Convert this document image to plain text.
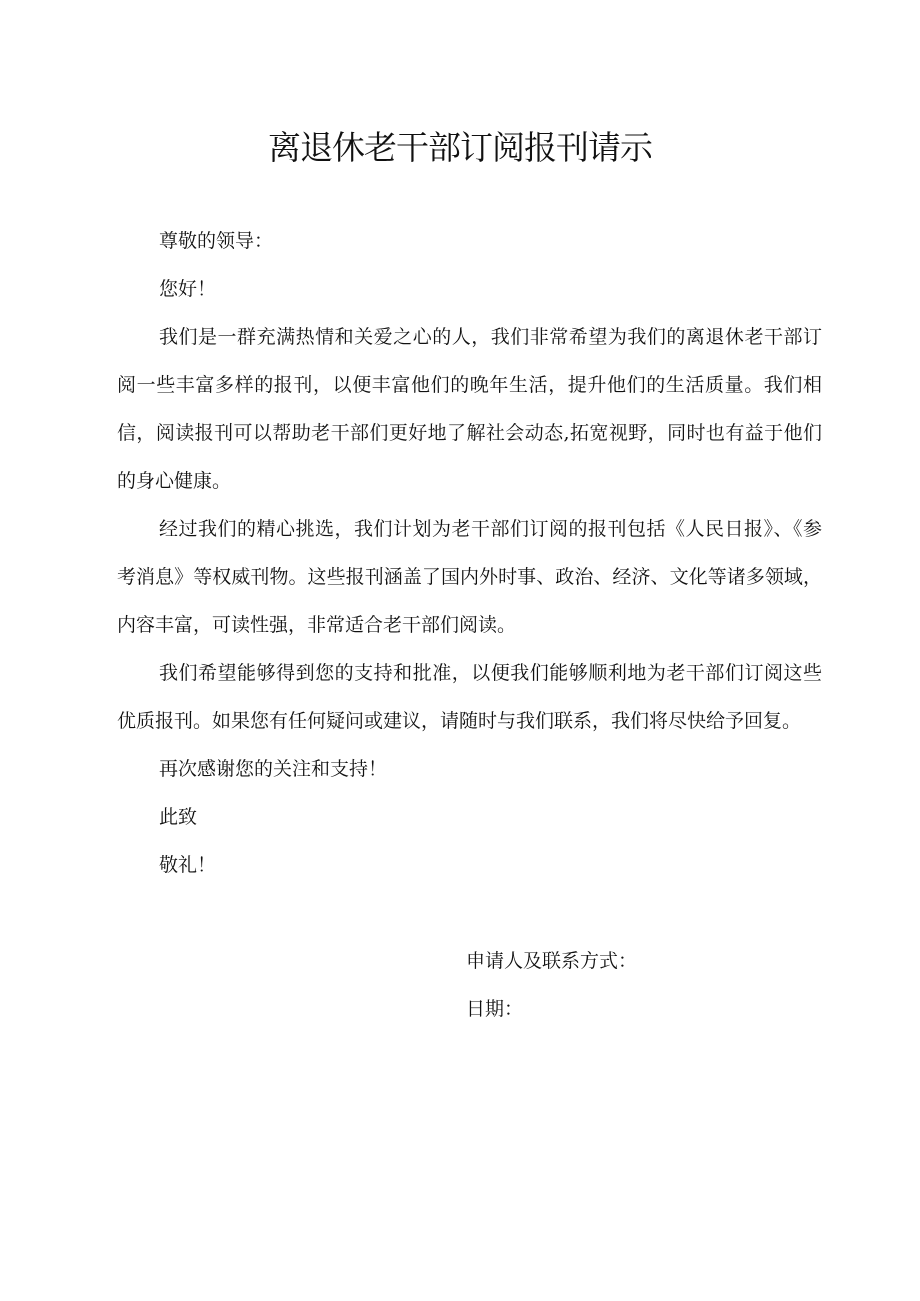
离退休老干部订阅报刊请示

尊敬的领导：

您好！

我们是一群充满热情和关爱之心的人，我们非常希望为我们的离退休老干部订阅一些丰富多样的报刊，以便丰富他们的晚年生活，提升他们的生活质量。我们相信，阅读报刊可以帮助老干部们更好地了解社会动态,拓宽视野，同时也有益于他们的身心健康。

经过我们的精心挑选，我们计划为老干部们订阅的报刊包括《人民日报》、《参考消息》等权威刊物。这些报刊涵盖了国内外时事、政治、经济、文化等诸多领域，内容丰富，可读性强，非常适合老干部们阅读。

我们希望能够得到您的支持和批准，以便我们能够顺利地为老干部们订阅这些优质报刊。如果您有任何疑问或建议，请随时与我们联系，我们将尽快给予回复。

再次感谢您的关注和支持！

此致

敬礼！

申请人及联系方式：
日期：
